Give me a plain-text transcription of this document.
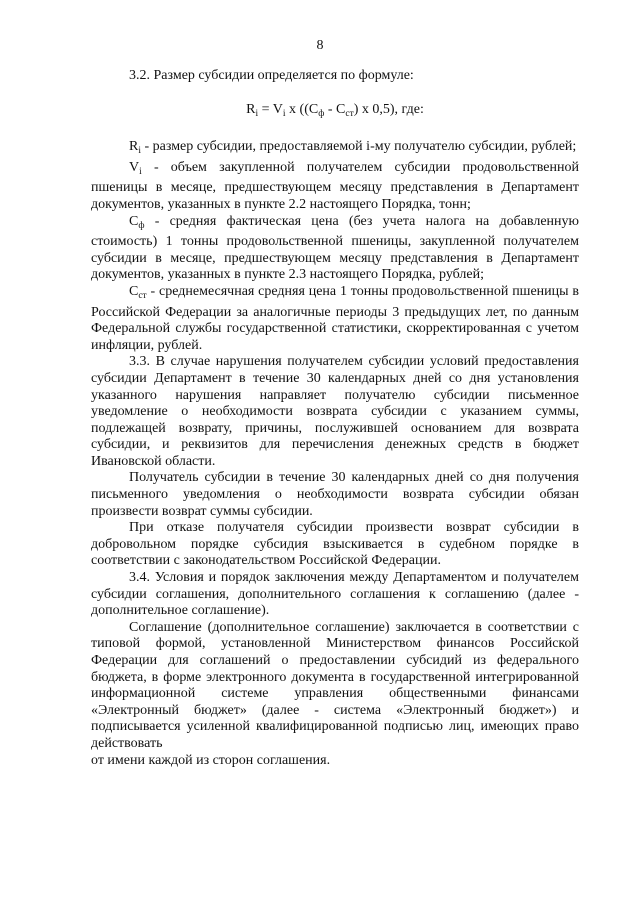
8

3.2. Размер субсидии определяется по формуле:

$R_i = V_i$ x ($(С_ф - С_{ст})$ x 0,5), где:

$R_i$ - размер субсидии, предоставляемой i-му получателю субсидии, рублей;

$V_i$ - объем закупленной получателем субсидии продовольственной пшеницы в месяце, предшествующем месяцу представления в Департамент документов, указанных в пункте 2.2 настоящего Порядка, тонн;

$С_ф$ - средняя фактическая цена (без учета налога на добавленную стоимость) 1 тонны продовольственной пшеницы, закупленной получателем субсидии в месяце, предшествующем месяцу представления в Департамент документов, указанных в пункте 2.3 настоящего Порядка, рублей;

$С_{ст}$ - среднемесячная средняя цена 1 тонны продовольственной пшеницы в Российской Федерации за аналогичные периоды 3 предыдущих лет, по данным Федеральной службы государственной статистики, скорректированная с учетом инфляции, рублей.

3.3. В случае нарушения получателем субсидии условий предоставления субсидии Департамент в течение 30 календарных дней со дня установления указанного нарушения направляет получателю субсидии письменное уведомление о необходимости возврата субсидии с указанием суммы, подлежащей возврату, причины, послужившей основанием для возврата субсидии, и реквизитов для перечисления денежных средств в бюджет Ивановской области.

Получатель субсидии в течение 30 календарных дней со дня получения письменного уведомления о необходимости возврата субсидии обязан произвести возврат суммы субсидии.

При отказе получателя субсидии произвести возврат субсидии в добровольном порядке субсидия взыскивается в судебном порядке в соответствии с законодательством Российской Федерации.

3.4. Условия и порядок заключения между Департаментом и получателем субсидии соглашения, дополнительного соглашения к соглашению (далее - дополнительное соглашение).

Соглашение (дополнительное соглашение) заключается в соответствии с типовой формой, установленной Министерством финансов Российской Федерации для соглашений о предоставлении субсидий из федерального бюджета, в форме электронного документа в государственной интегрированной информационной системе управления общественными финансами «Электронный бюджет» (далее - система «Электронный бюджет») и подписывается усиленной квалифицированной подписью лиц, имеющих право действовать

от имени каждой из сторон соглашения.
